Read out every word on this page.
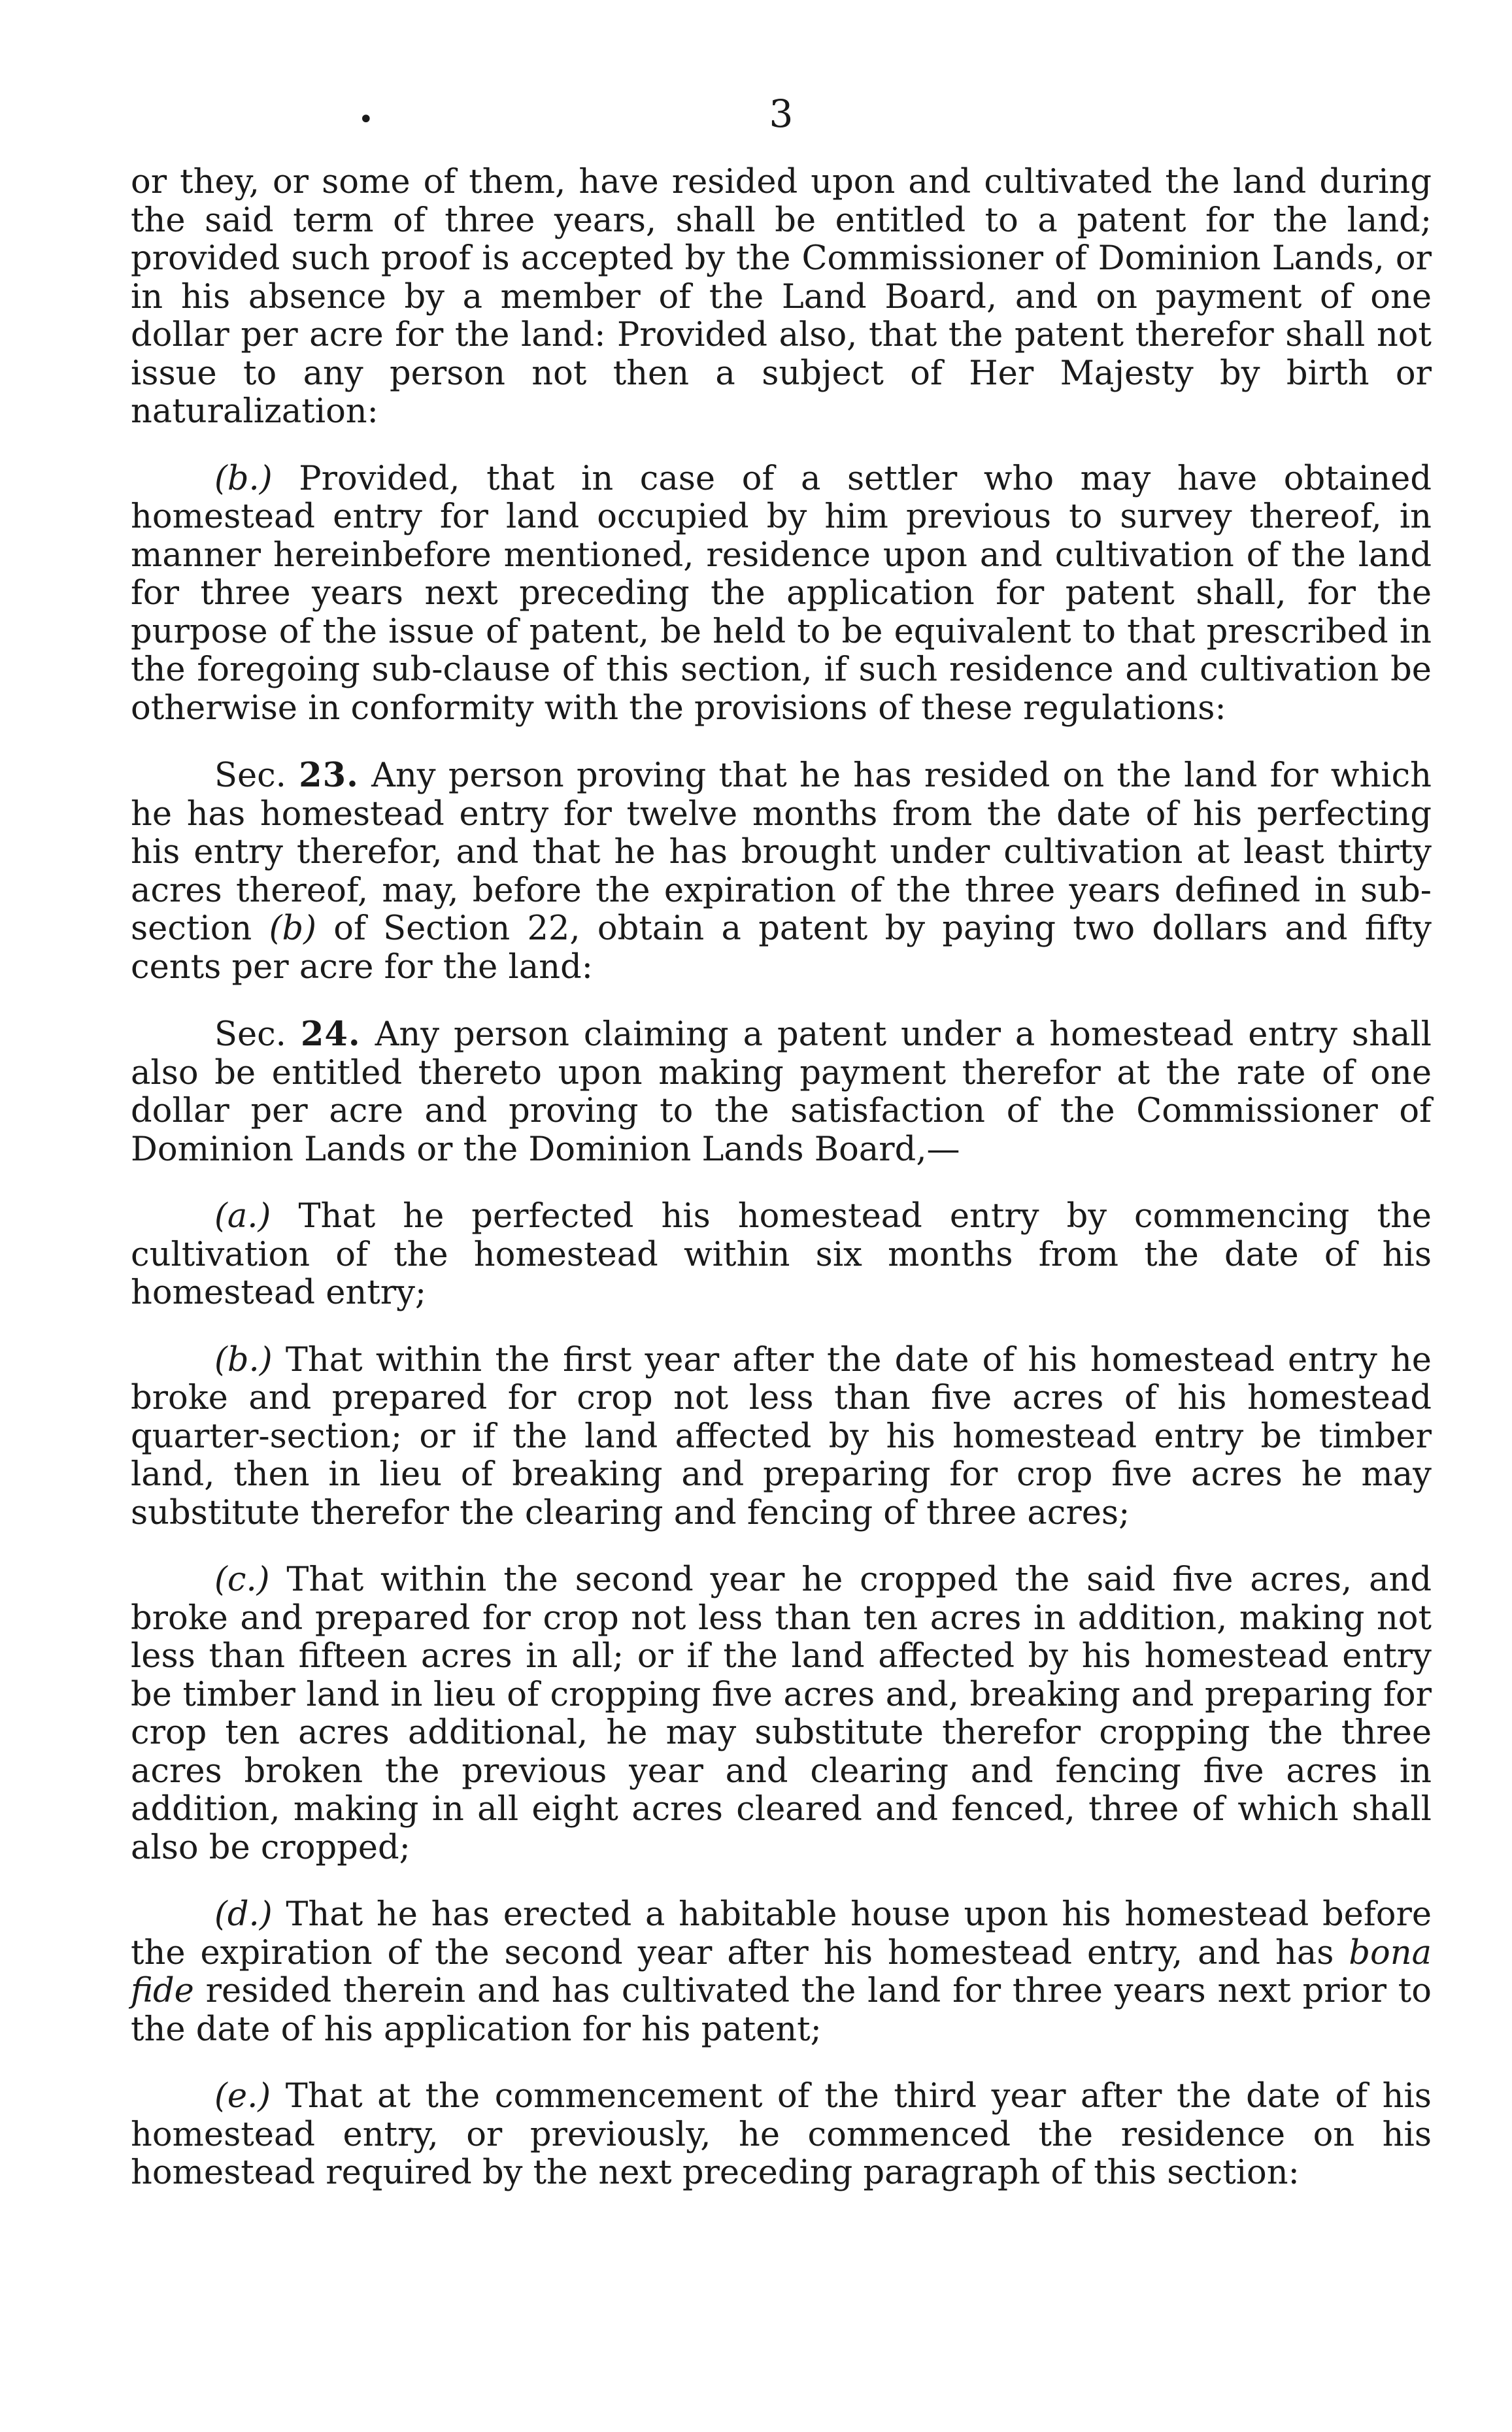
•	3

or they, or some of them, have resided upon and cultivated the land during the said term of three years, shall be entitled to a patent for the land; provided such proof is accepted by the Commissioner of Dominion Lands, or in his absence by a member of the Land Board, and on payment of one dollar per acre for the land: Provided also, that the patent therefor shall not issue to any person not then a subject of Her Majesty by birth or naturalization:

(b.) Provided, that in case of a settler who may have obtained homestead entry for land occupied by him previous to survey thereof, in manner hereinbefore mentioned, residence upon and cultivation of the land for three years next preceding the application for patent shall, for the purpose of the issue of patent, be held to be equivalent to that prescribed in the foregoing sub-clause of this section, if such residence and cultivation be otherwise in conformity with the provisions of these regulations:

Sec. 23. Any person proving that he has resided on the land for which he has homestead entry for twelve months from the date of his perfecting his entry therefor, and that he has brought under cultivation at least thirty acres thereof, may, before the expiration of the three years defined in sub-section (b) of Section 22, obtain a patent by paying two dollars and fifty cents per acre for the land:

Sec. 24. Any person claiming a patent under a homestead entry shall also be entitled thereto upon making payment therefor at the rate of one dollar per acre and proving to the satisfaction of the Commissioner of Dominion Lands or the Dominion Lands Board,—

(a.) That he perfected his homestead entry by commencing the cultivation of the homestead within six months from the date of his homestead entry;

(b.) That within the first year after the date of his homestead entry he broke and prepared for crop not less than five acres of his homestead quarter-section; or if the land affected by his homestead entry be timber land, then in lieu of breaking and preparing for crop five acres he may substitute therefor the clearing and fencing of three acres;

(c.) That within the second year he cropped the said five acres, and broke and prepared for crop not less than ten acres in addition, making not less than fifteen acres in all; or if the land affected by his homestead entry be timber land in lieu of cropping five acres and, breaking and preparing for crop ten acres additional, he may substitute therefor cropping the three acres broken the previous year and clearing and fencing five acres in addition, making in all eight acres cleared and fenced, three of which shall also be cropped;

(d.) That he has erected a habitable house upon his homestead before the expiration of the second year after his homestead entry, and has bona fide resided therein and has cultivated the land for three years next prior to the date of his application for his patent;

(e.) That at the commencement of the third year after the date of his homestead entry, or previously, he commenced the residence on his homestead required by the next preceding paragraph of this section:
